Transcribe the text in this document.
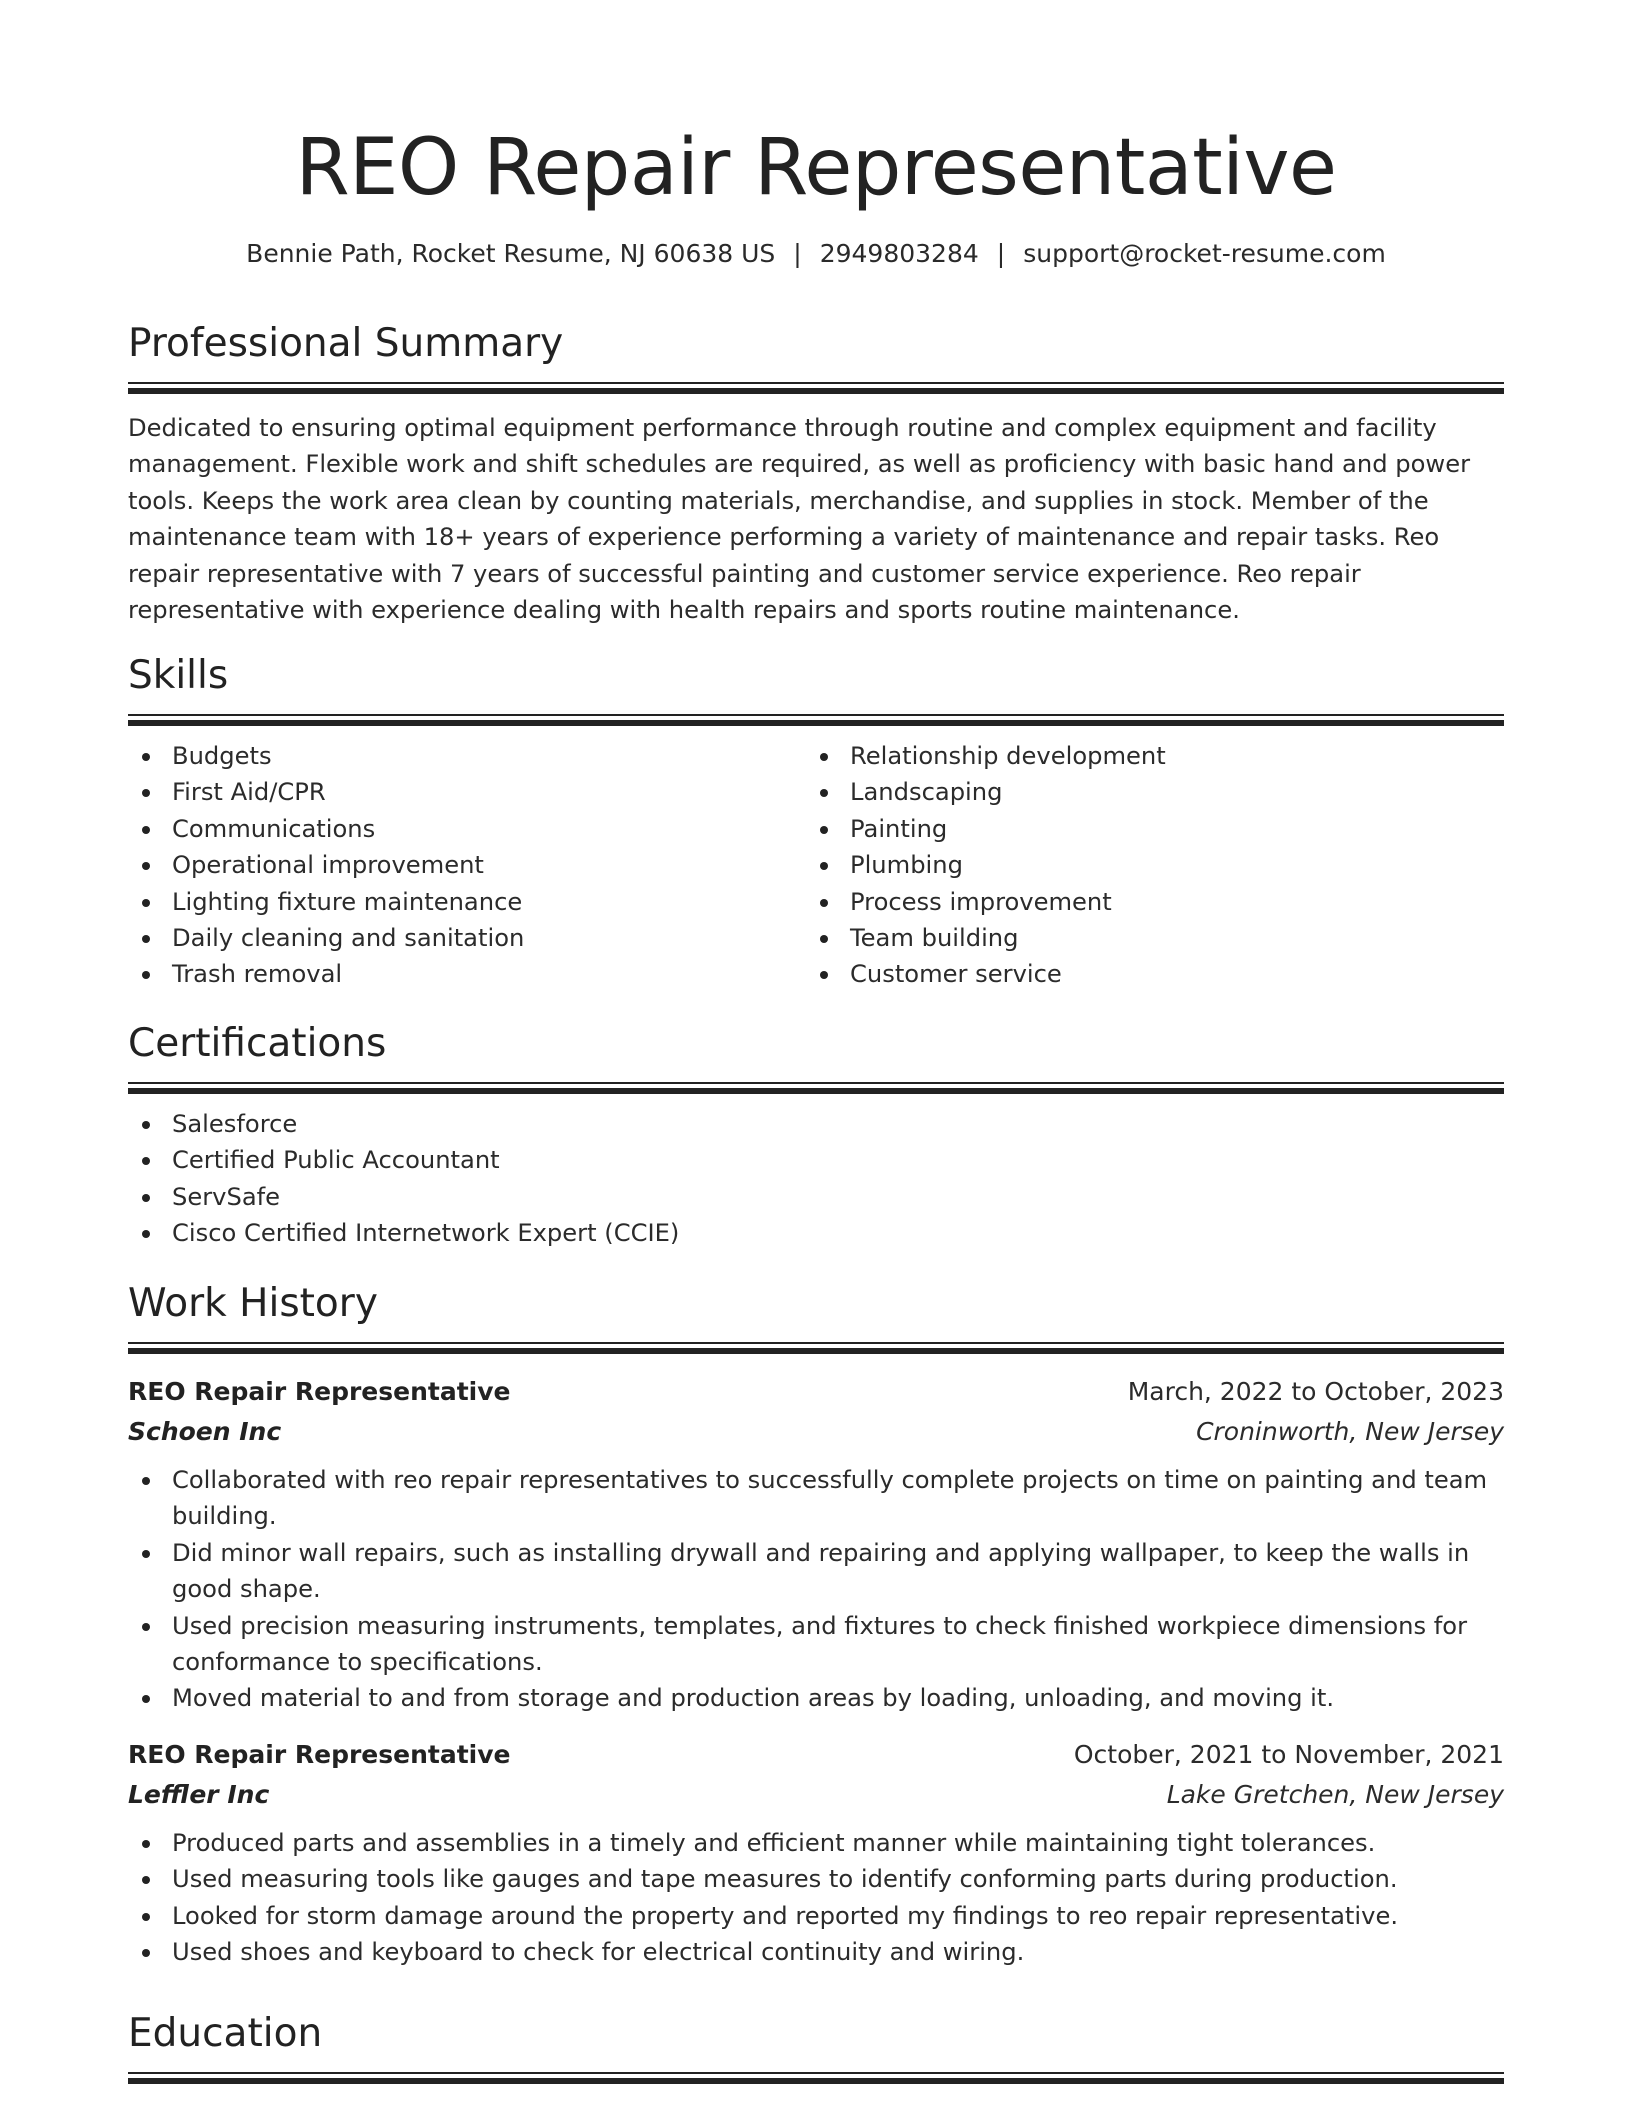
REO Repair Representative
Bennie Path, Rocket Resume, NJ 60638 US | 2949803284 | support@rocket-resume.com
Professional Summary

Dedicated to ensuring optimal equipment performance through routine and complex equipment and facility management. Flexible work and shift schedules are required, as well as proficiency with basic hand and power tools. Keeps the work area clean by counting materials, merchandise, and supplies in stock. Member of the maintenance team with 18+ years of experience performing a variety of maintenance and repair tasks. Reo repair representative with 7 years of successful painting and customer service experience. Reo repair representative with experience dealing with health repairs and sports routine maintenance.

Skills
Budgets
First Aid/CPR
Communications
Operational improvement
Lighting fixture maintenance
Daily cleaning and sanitation
Trash removal
Relationship development
Landscaping
Painting
Plumbing
Process improvement
Team building
Customer service
Certifications
Salesforce
Certified Public Accountant
ServSafe
Cisco Certified Internetwork Expert (CCIE)
Work History
REO Repair Representative	March, 2022 to October, 2023
Schoen Inc	Croninworth, New Jersey
Collaborated with reo repair representatives to successfully complete projects on time on painting and team building.
Did minor wall repairs, such as installing drywall and repairing and applying wallpaper, to keep the walls in good shape.
Used precision measuring instruments, templates, and fixtures to check finished workpiece dimensions for conformance to specifications.
Moved material to and from storage and production areas by loading, unloading, and moving it.
REO Repair Representative	October, 2021 to November, 2021
Leffler Inc	Lake Gretchen, New Jersey
Produced parts and assemblies in a timely and efficient manner while maintaining tight tolerances.
Used measuring tools like gauges and tape measures to identify conforming parts during production.
Looked for storm damage around the property and reported my findings to reo repair representative.
Used shoes and keyboard to check for electrical continuity and wiring.
Education
